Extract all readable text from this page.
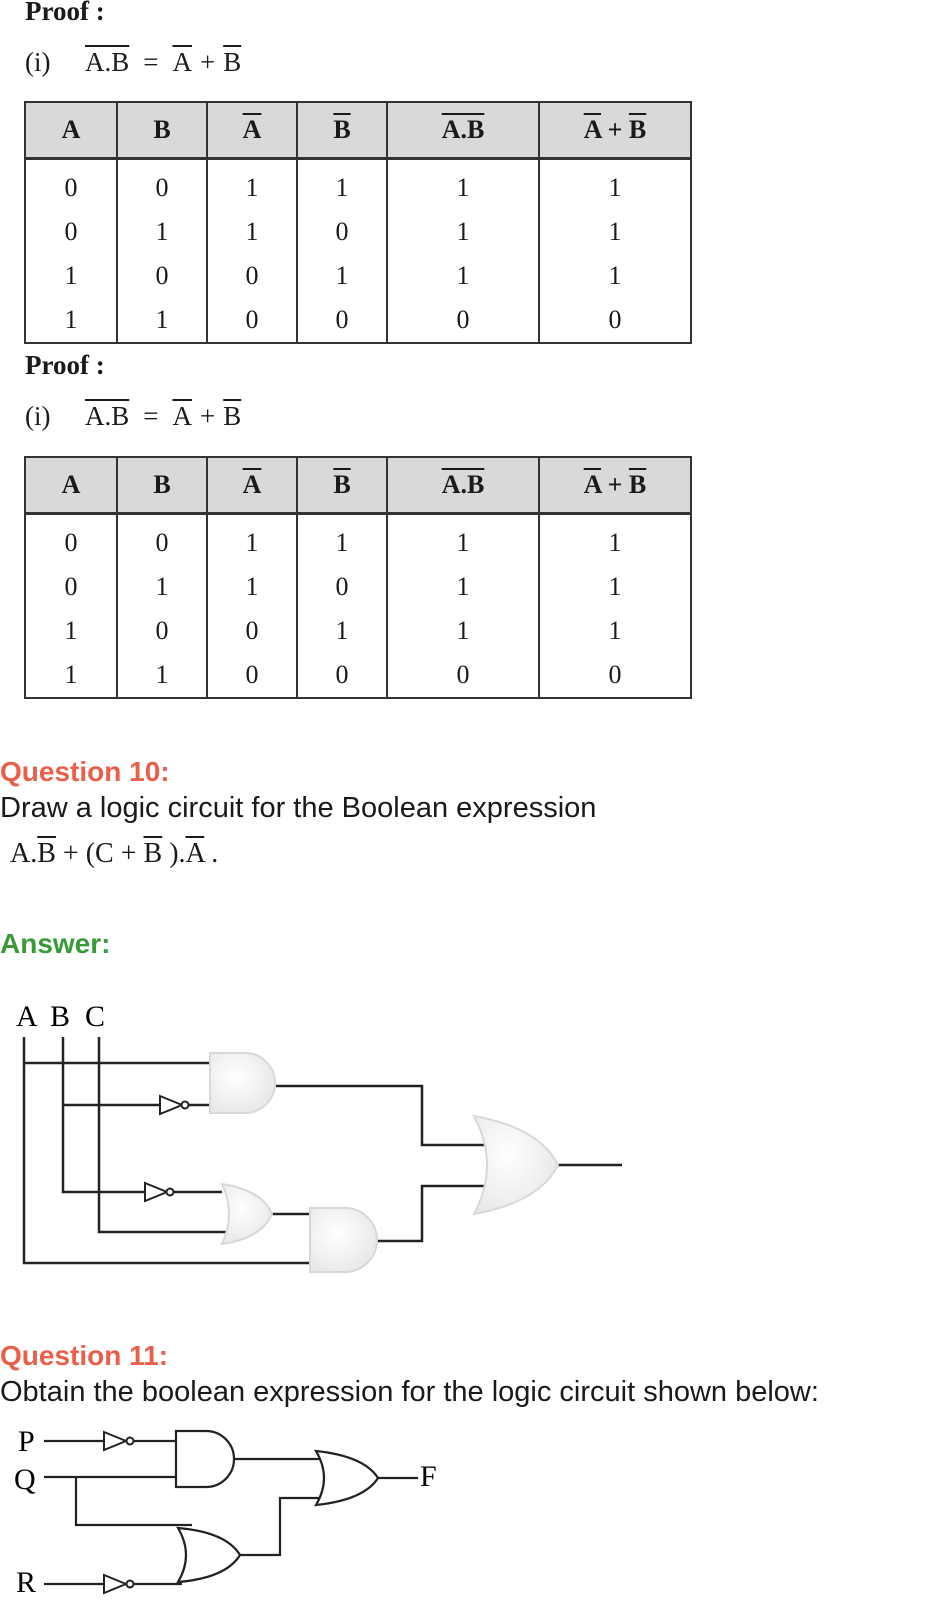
Proof :
(i)	$A.B = \overline{A} + \overline{B}$
A	B	$\overline{A}$	$\overline{B}$	A.B	$\overline{A} + \overline{B}$
0	0	1	1	1	1
0	1	1	0	1	1
1	0	0	1	1	1
1	1	0	0	0	0
Proof :
(i)	$A.B = \overline{A} + \overline{B}$
A	B	$\overline{A}$	$\overline{B}$	A.B	$\overline{A} + \overline{B}$
0	0	1	1	1	1
0	1	1	0	1	1
1	0	0	1	1	1
1	1	0	0	0	0
Question 10:
Draw a logic circuit for the Boolean expression
$A.\overline{B} + (C + \overline{B}$ )$.\overline{A}$ .
Answer:
A B C
Question 11:
Obtain the boolean expression for the logic circuit shown below:
P
Q
R
F
